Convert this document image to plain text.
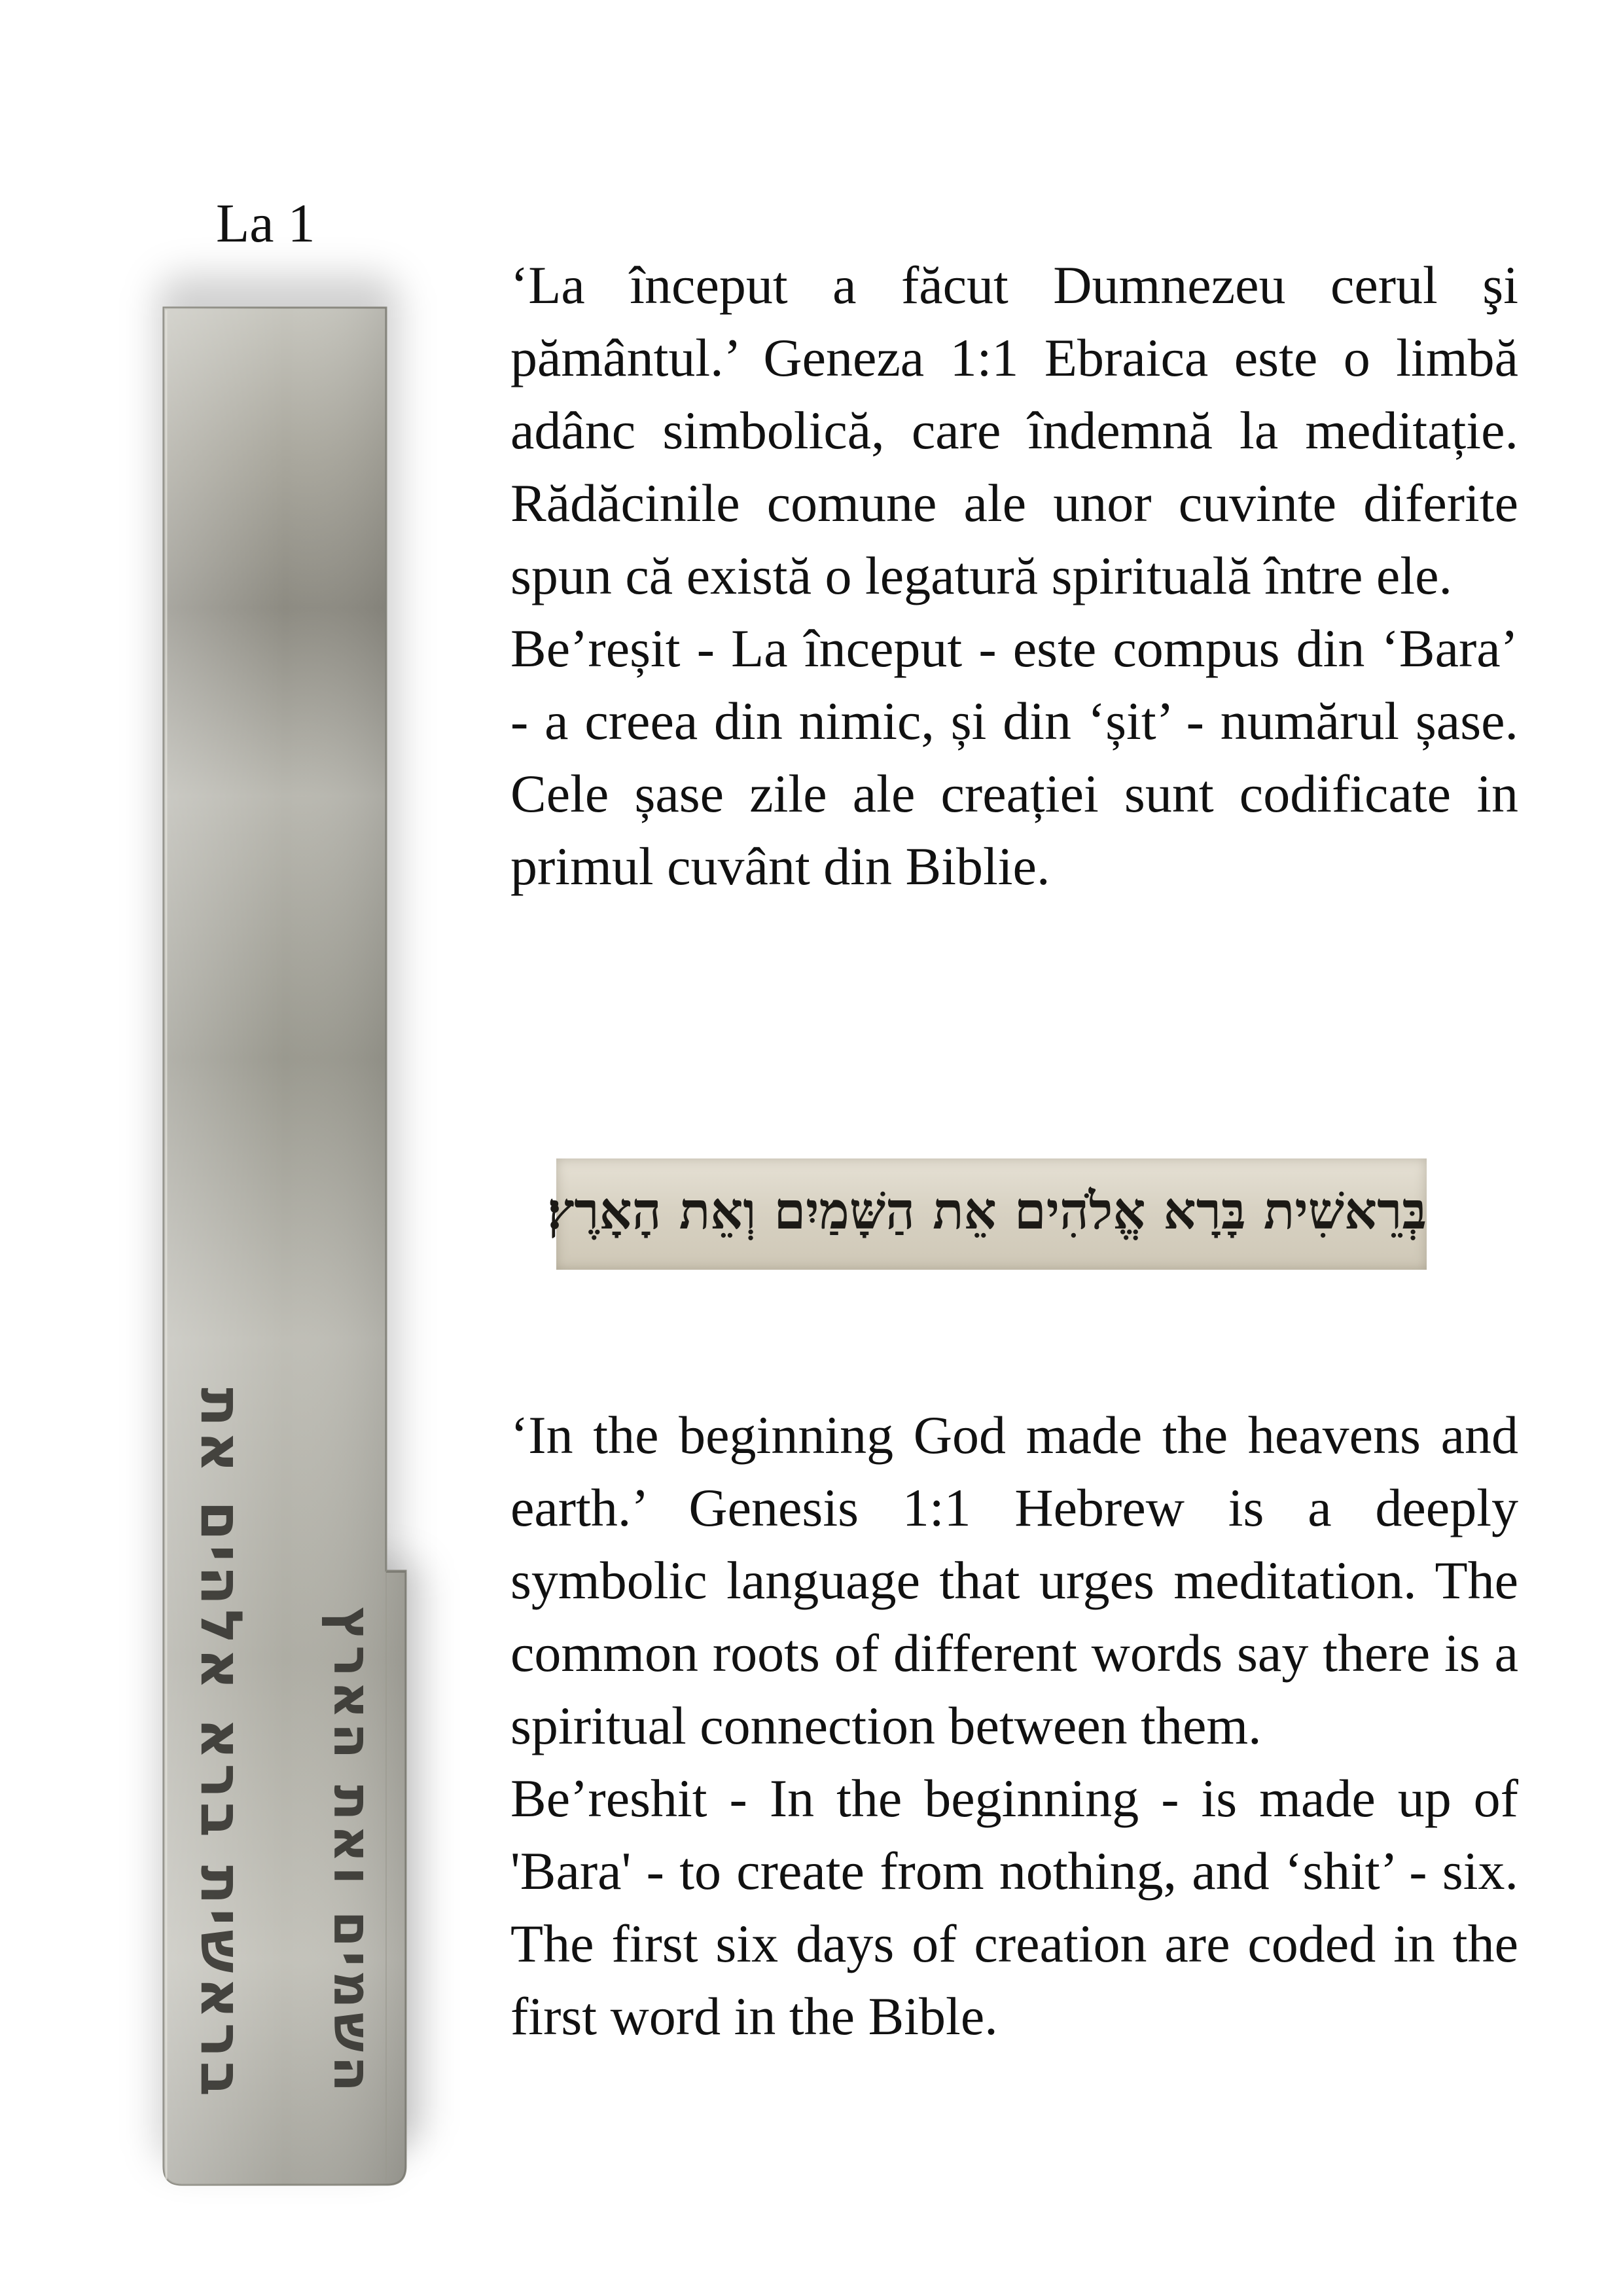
La 1
בראשית ברא אלהים את השמים ואת הארץ

‘La început a făcut Dumnezeu cerul şi pământul.’ Geneza 1:1 Ebraica este o limbă adânc simbolică, care îndemnă la meditație. Rădăcinile comune ale unor cuvinte diferite spun că există o legatură spirituală între ele.

Be’reșit - La început - este compus din ‘Bara’ - a creea din nimic, și din ‘șit’ - numărul șase. Cele șase zile ale creației sunt codificate in primul cuvânt din Biblie.

בְּרֵאשִׁית בָּרָא אֱלֹהִים אֵת הַשָּׁמַיִם וְאֵת הָאָרֶץ׃

‘In the beginning God made the heavens and earth.’ Genesis 1:1 Hebrew is a deeply symbolic language that urges meditation. The common roots of different words say there is a spiritual connection between them.

Be’reshit - In the beginning - is made up of 'Bara' - to create from nothing, and ‘shit’ - six. The first six days of creation are coded in the first word in the Bible.
